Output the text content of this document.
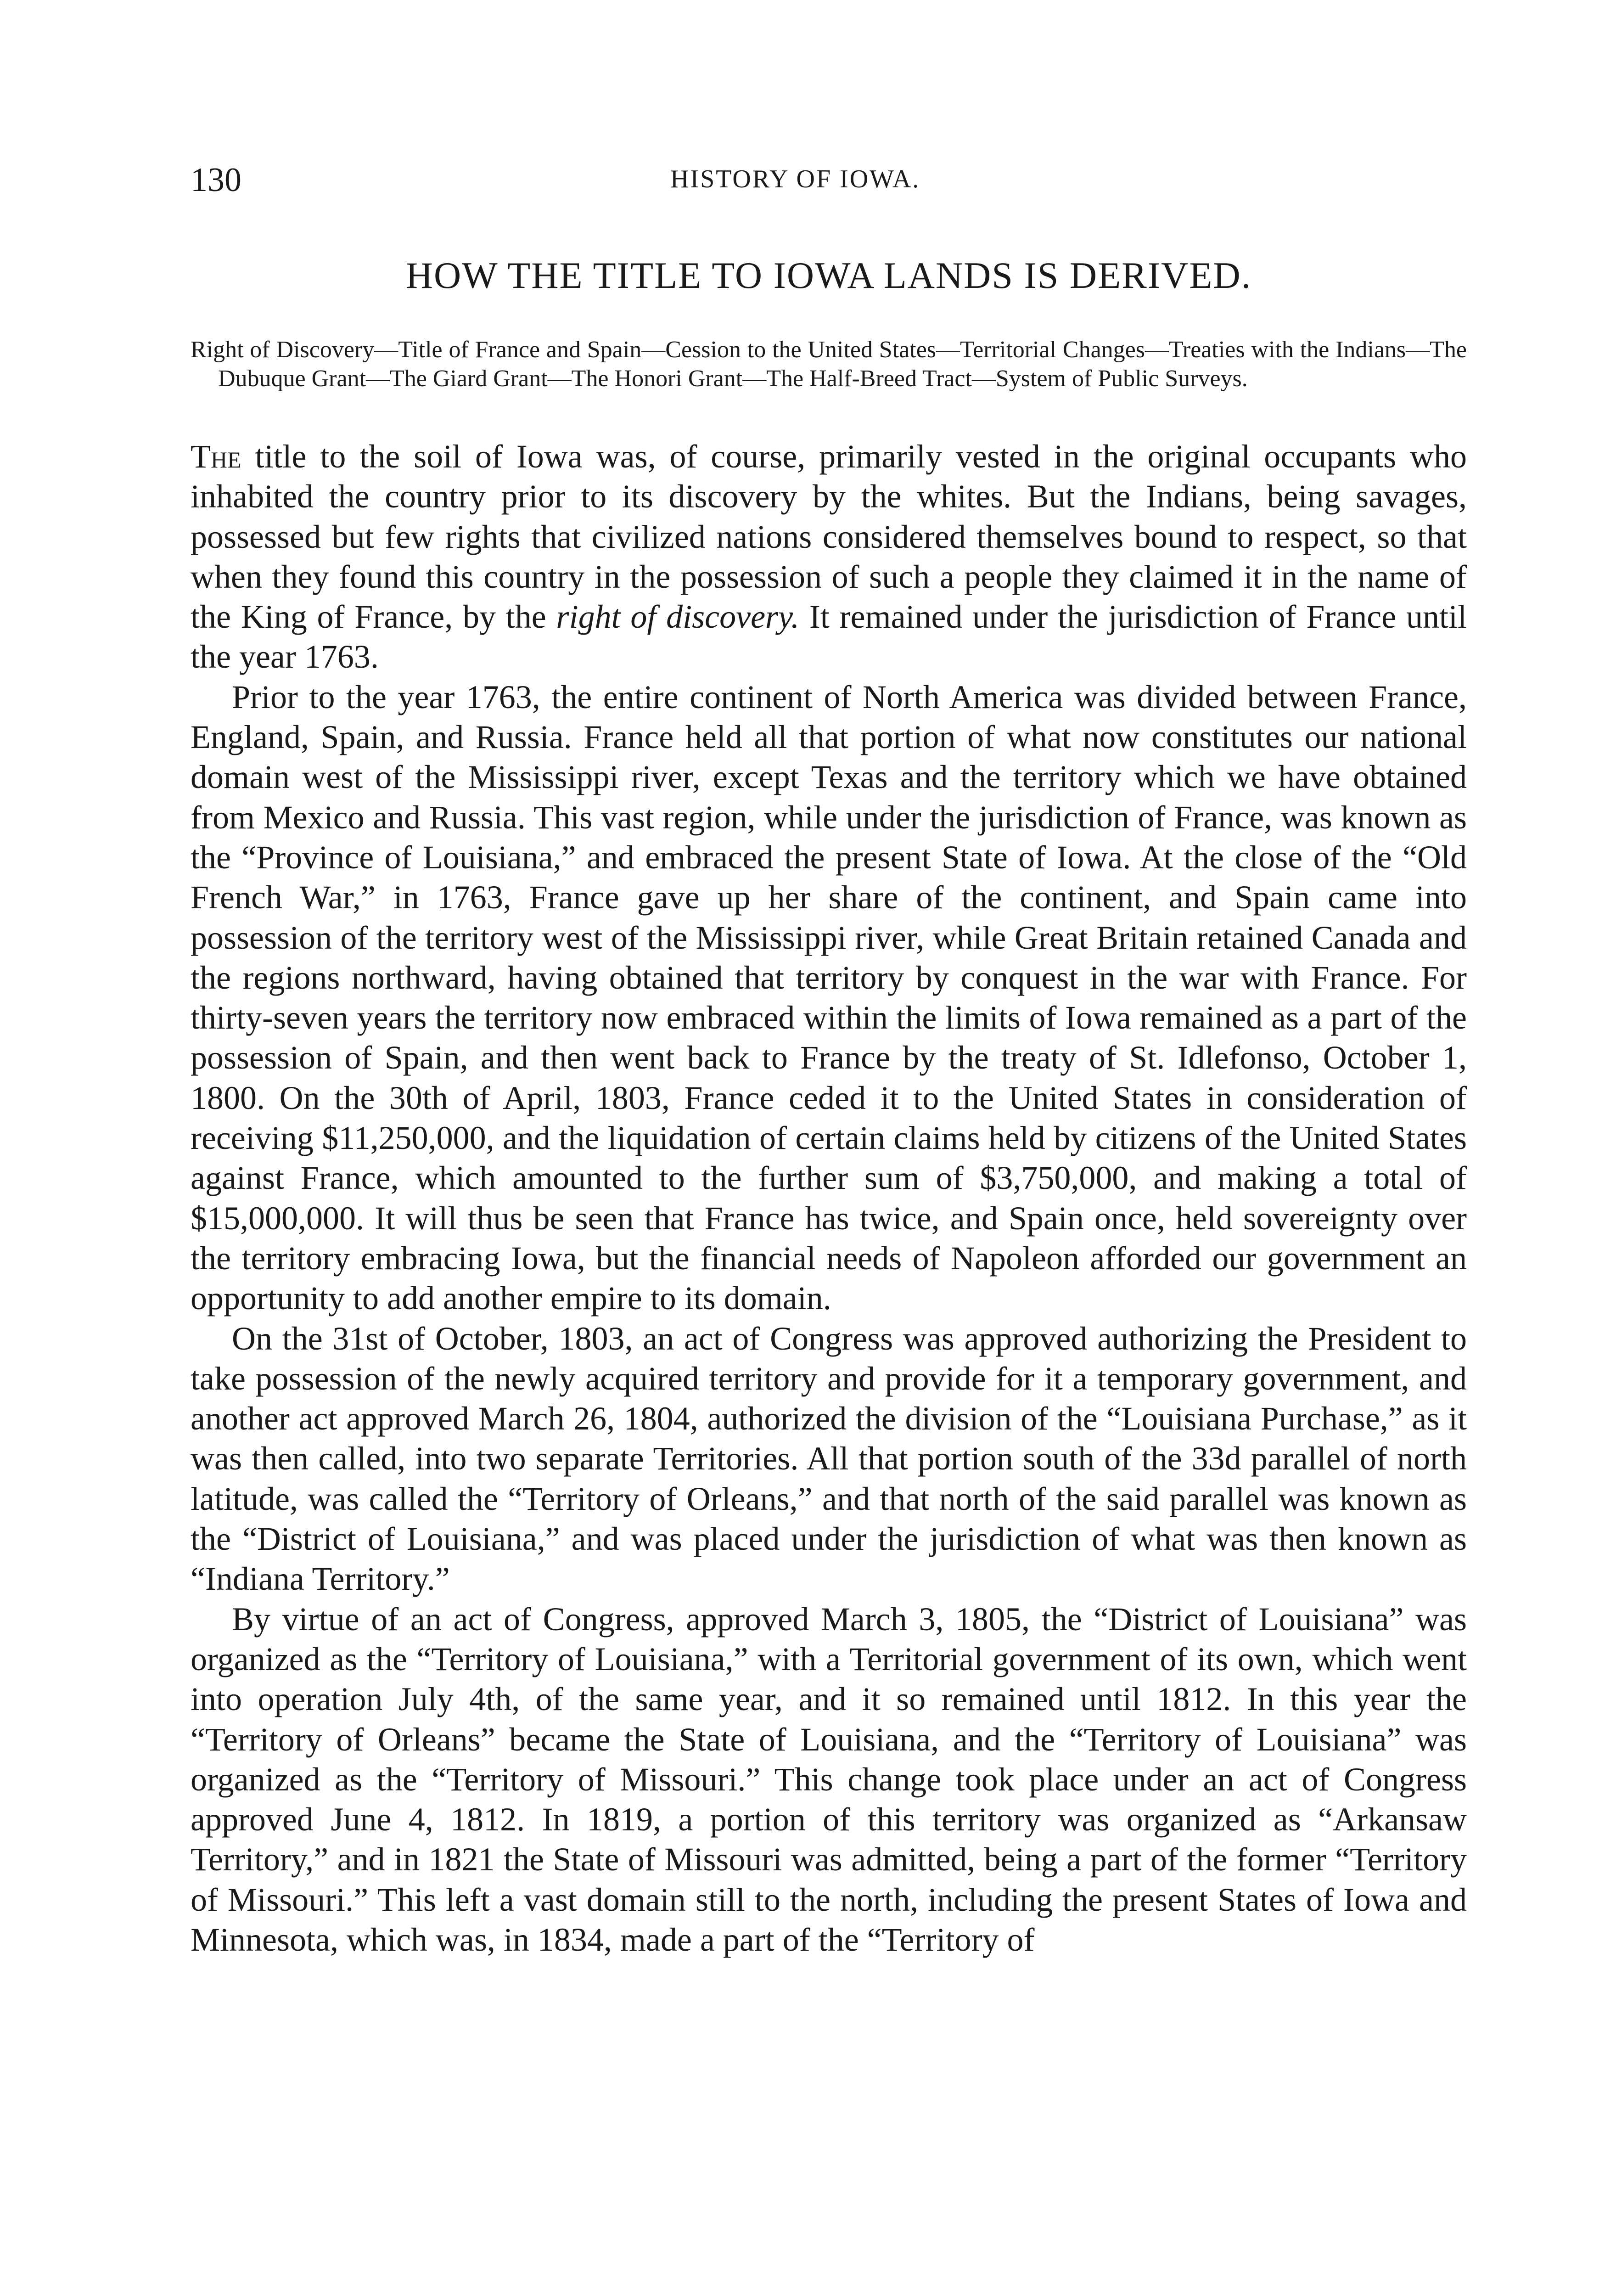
130	HISTORY OF IOWA.
HOW THE TITLE TO IOWA LANDS IS DERIVED.
Right of Discovery—Title of France and Spain—Cession to the United States—Territorial Changes—Treaties with the Indians—The Dubuque Grant—The Giard Grant—The Honori Grant—The Half-Breed Tract—System of Public Surveys.

The title to the soil of Iowa was, of course, primarily vested in the original occupants who inhabited the country prior to its discovery by the whites. But the Indians, being savages, possessed but few rights that civilized nations considered themselves bound to respect, so that when they found this country in the possession of such a people they claimed it in the name of the King of France, by the right of discovery. It remained under the jurisdiction of France until the year 1763.

Prior to the year 1763, the entire continent of North America was divided between France, England, Spain, and Russia. France held all that portion of what now constitutes our national domain west of the Mississippi river, except Texas and the territory which we have obtained from Mexico and Russia. This vast region, while under the jurisdiction of France, was known as the “Province of Louisiana,” and embraced the present State of Iowa. At the close of the “Old French War,” in 1763, France gave up her share of the continent, and Spain came into possession of the territory west of the Mississippi river, while Great Britain retained Canada and the regions northward, having obtained that territory by conquest in the war with France. For thirty-seven years the territory now embraced within the limits of Iowa remained as a part of the possession of Spain, and then went back to France by the treaty of St. Idlefonso, October 1, 1800. On the 30th of April, 1803, France ceded it to the United States in consideration of receiving $11,250,000, and the liquidation of certain claims held by citizens of the United States against France, which amounted to the further sum of $3,750,000, and making a total of $15,000,000. It will thus be seen that France has twice, and Spain once, held sovereignty over the territory embracing Iowa, but the financial needs of Napoleon afforded our government an opportunity to add another empire to its domain.

On the 31st of October, 1803, an act of Congress was approved authorizing the President to take possession of the newly acquired territory and provide for it a temporary government, and another act approved March 26, 1804, authorized the division of the “Louisiana Purchase,” as it was then called, into two separate Territories. All that portion south of the 33d parallel of north latitude, was called the “Territory of Orleans,” and that north of the said parallel was known as the “District of Louisiana,” and was placed under the jurisdiction of what was then known as “Indiana Territory.”

By virtue of an act of Congress, approved March 3, 1805, the “District of Louisiana” was organized as the “Territory of Louisiana,” with a Territorial government of its own, which went into operation July 4th, of the same year, and it so remained until 1812. In this year the “Territory of Orleans” became the State of Louisiana, and the “Territory of Louisiana” was organized as the “Territory of Missouri.” This change took place under an act of Congress approved June 4, 1812. In 1819, a portion of this territory was organized as “Arkansaw Territory,” and in 1821 the State of Missouri was admitted, being a part of the former “Territory of Missouri.” This left a vast domain still to the north, including the present States of Iowa and Minnesota, which was, in 1834, made a part of the “Territory of
